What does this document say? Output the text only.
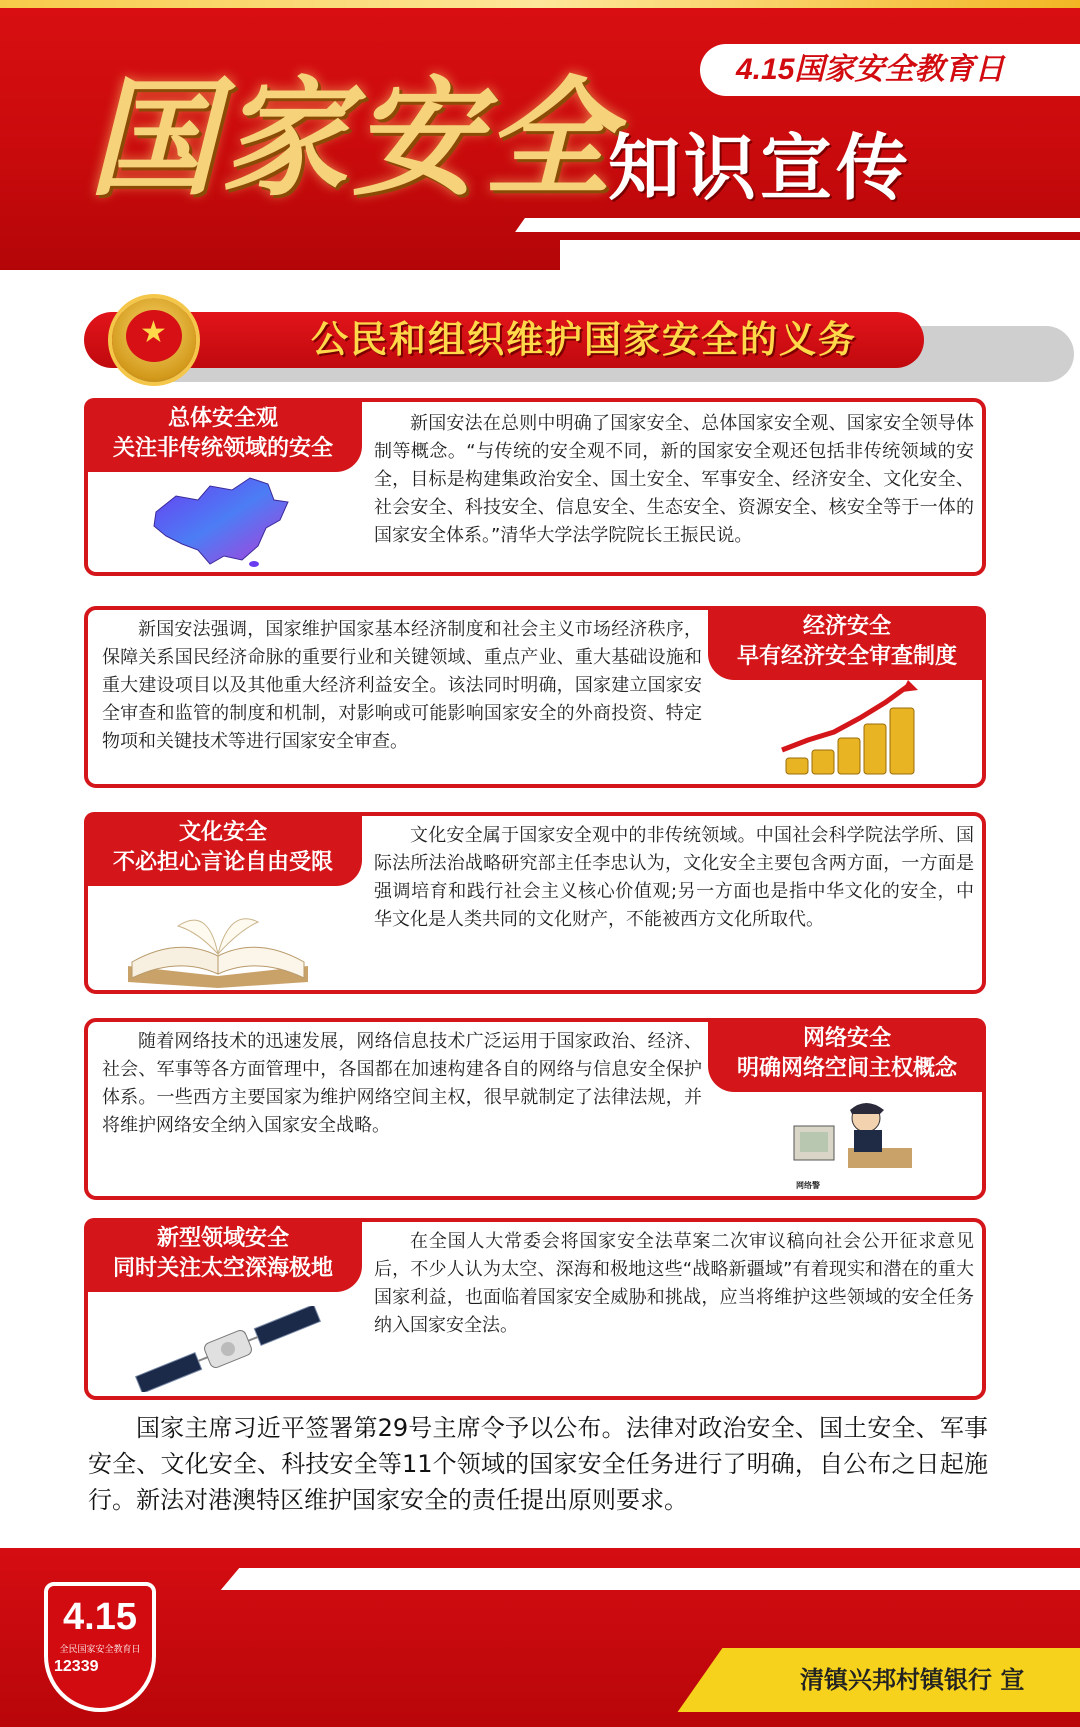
4.15国家安全教育日
国家安全
知识宣传
公民和组织维护国家安全的义务
★
总体安全观
关注非传统领域的安全
新国安法在总则中明确了国家安全、总体国家安全观、国家安全领导体制等概念。“与传统的安全观不同，新的国家安全观还包括非传统领域的安全，目标是构建集政治安全、国土安全、军事安全、经济安全、文化安全、社会安全、科技安全、信息安全、生态安全、资源安全、核安全等于一体的国家安全体系。”清华大学法学院院长王振民说。
经济安全
早有经济安全审查制度
新国安法强调，国家维护国家基本经济制度和社会主义市场经济秩序，保障关系国民经济命脉的重要行业和关键领域、重点产业、重大基础设施和重大建设项目以及其他重大经济利益安全。该法同时明确，国家建立国家安全审查和监管的制度和机制，对影响或可能影响国家安全的外商投资、特定物项和关键技术等进行国家安全审查。
文化安全
不必担心言论自由受限
文化安全属于国家安全观中的非传统领域。中国社会科学院法学所、国际法所法治战略研究部主任李忠认为，文化安全主要包含两方面，一方面是强调培育和践行社会主义核心价值观;另一方面也是指中华文化的安全，中华文化是人类共同的文化财产，不能被西方文化所取代。
网络安全
明确网络空间主权概念
随着网络技术的迅速发展，网络信息技术广泛运用于国家政治、经济、社会、军事等各方面管理中，各国都在加速构建各自的网络与信息安全保护体系。一些西方主要国家为维护网络空间主权，很早就制定了法律法规，并将维护网络安全纳入国家安全战略。
网络警
新型领域安全
同时关注太空深海极地
在全国人大常委会将国家安全法草案二次审议稿向社会公开征求意见后，不少人认为太空、深海和极地这些“战略新疆域”有着现实和潜在的重大国家利益，也面临着国家安全威胁和挑战，应当将维护这些领域的安全任务纳入国家安全法。
国家主席习近平签署第29号主席令予以公布。法律对政治安全、国土安全、军事安全、文化安全、科技安全等11个领域的国家安全任务进行了明确，自公布之日起施行。新法对港澳特区维护国家安全的责任提出原则要求。
4.15
全民国家安全教育日
12339	清镇兴邦村镇银行 宣
